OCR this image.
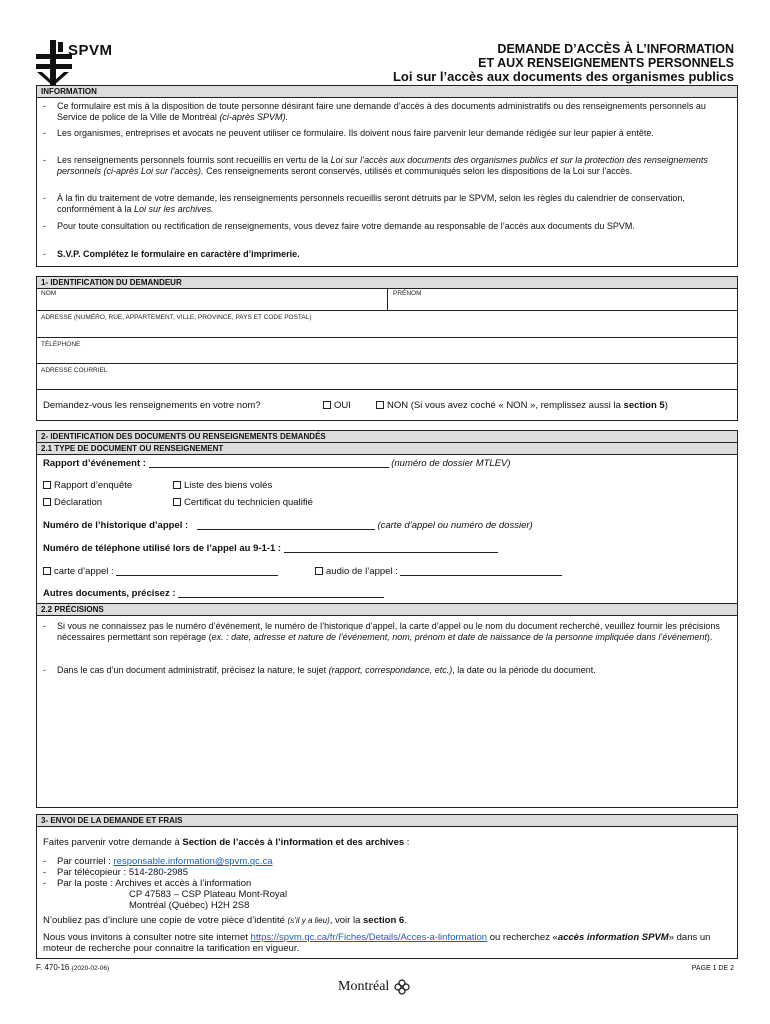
SPVM	DEMANDE D’ACCÈS À L’INFORMATION
ET AUX RENSEIGNEMENTS PERSONNELS
Loi sur l’accès aux documents des organismes publics
INFORMATION
- Ce formulaire est mis à la disposition de toute personne désirant faire une demande d’accès à des documents administratifs ou des renseignements personnels au Service de police de la Ville de Montréal (ci-après SPVM).
- Les organismes, entreprises et avocats ne peuvent utiliser ce formulaire. Ils doivent nous faire parvenir leur demande rédigée sur leur papier à entête.
- Les renseignements personnels fournis sont recueillis en vertu de la Loi sur l’accès aux documents des organismes publics et sur la protection des renseignements personnels (ci-après Loi sur l’accès). Ces renseignements seront conservés, utilisés et communiqués selon les dispositions de la Loi sur l’accès.
- À la fin du traitement de votre demande, les renseignements personnels recueillis seront détruits par le SPVM, selon les règles du calendrier de conservation, conformément à la Loi sur les archives.
- Pour toute consultation ou rectification de renseignements, vous devez faire votre demande au responsable de l’accès aux documents du SPVM.
- S.V.P. Complétez le formulaire en caractère d’imprimerie.
1- IDENTIFICATION DU DEMANDEUR
NOM	PRÉNOM
ADRESSE (NUMÉRO, RUE, APPARTEMENT, VILLE, PROVINCE, PAYS ET CODE POSTAL)
TÉLÉPHONE
ADRESSE COURRIEL
Demandez-vous les renseignements en votre nom?	OUI	NON (Si vous avez coché « NON », remplissez aussi la section 5)
2- IDENTIFICATION DES DOCUMENTS OU RENSEIGNEMENTS DEMANDÉS
2.1 TYPE DE DOCUMENT OU RENSEIGNEMENT
Rapport d’événement :	(numéro de dossier MTLEV)
Rapport d’enquête	Liste des biens volés
Déclaration	Certificat du technicien qualifié
Numéro de l’historique d’appel :	(carte d’appel ou numéro de dossier)
Numéro de téléphone utilisé lors de l’appel au 9-1-1 :
carte d’appel :	audio de l’appel :
Autres documents, précisez :
2.2 PRÉCISIONS
- Si vous ne connaissez pas le numéro d’événement, le numéro de l’historique d’appel, la carte d’appel ou le nom du document recherché, veuillez fournir les précisions nécessaires permettant son repérage (ex. : date, adresse et nature de l’événement, nom, prénom et date de naissance de la personne impliquée dans l’événement).
- Dans le cas d’un document administratif, précisez la nature, le sujet (rapport, correspondance, etc.), la date ou la période du document.
3- ENVOI DE LA DEMANDE ET FRAIS
Faites parvenir votre demande à Section de l’accès à l’information et des archives :
- Par courriel : responsable.information@spvm.qc.ca
- Par télécopieur : 514-280-2985
- Par la poste : Archives et accès à l’information
CP 47583 – CSP Plateau Mont-Royal
Montréal (Québec) H2H 2S8
N’oubliez pas d’inclure une copie de votre pièce d’identité (s’il y a lieu), voir la section 6.
Nous vous invitons à consulter notre site internet https://spvm.qc.ca/fr/Fiches/Details/Acces-a-linformation ou recherchez «accès information SPVM» dans un moteur de recherche pour connaitre la tarification en vigueur.
F. 470-16 (2020-02-06)	PAGE 1 DE 2
Montréal
